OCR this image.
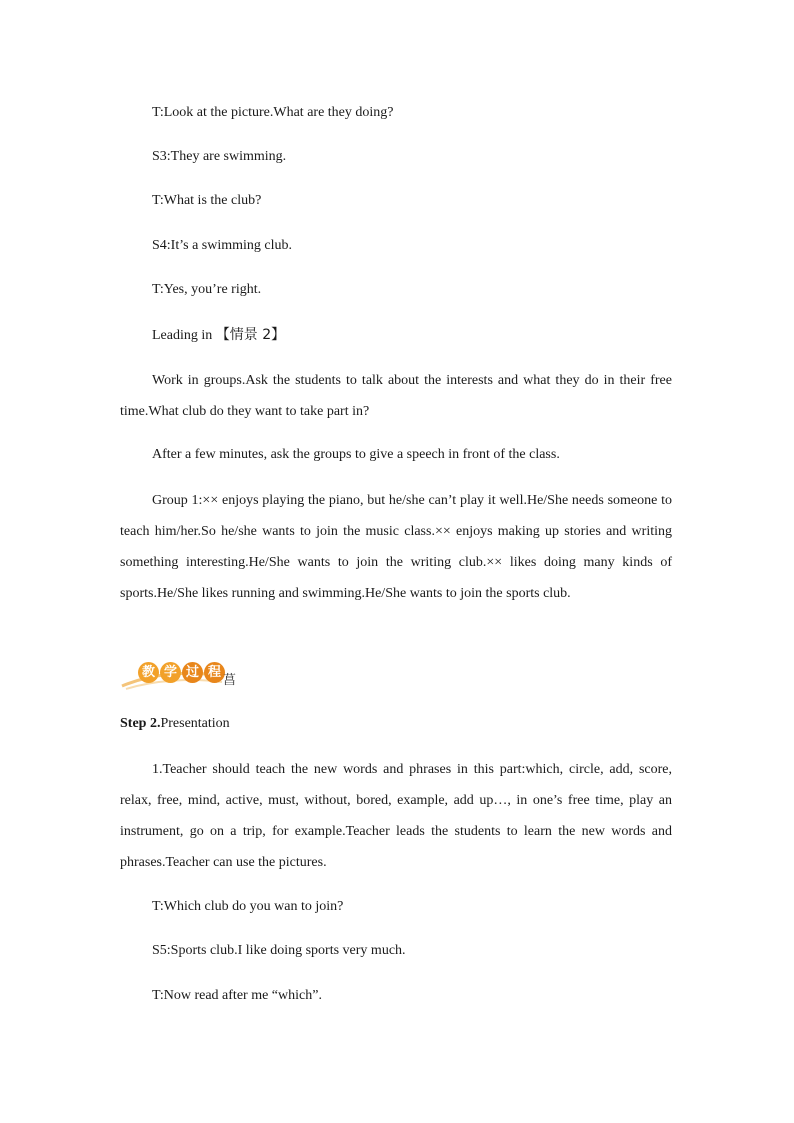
T:Look at the picture.What are they doing?
S3:They are swimming.
T:What is the club?
S4:It’s a swimming club.
T:Yes, you’re right.
Leading in 【情景 2】
Work in groups.Ask the students to talk about the interests and what they do in their free time.What club do they want to take part in?
After a few minutes, ask the groups to give a speech in front of the class.
Group 1:×× enjoys playing the piano, but he/she can’t play it well.He/She needs someone to teach him/her.So he/she wants to join the music class.×× enjoys making up stories and writing something interesting.He/She wants to join the writing club.×× likes doing many kinds of sports.He/She likes running and swimming.He/She wants to join the sports club.
教 学 过 程
菖
Step 2.Presentation
1.Teacher should teach the new words and phrases in this part:which, circle, add, score, relax, free, mind, active, must, without, bored, example, add up…, in one’s free time, play an instrument, go on a trip, for example.Teacher leads the students to learn the new words and phrases.Teacher can use the pictures.
T:Which club do you wan to join?
S5:Sports club.I like doing sports very much.
T:Now read after me “which”.
